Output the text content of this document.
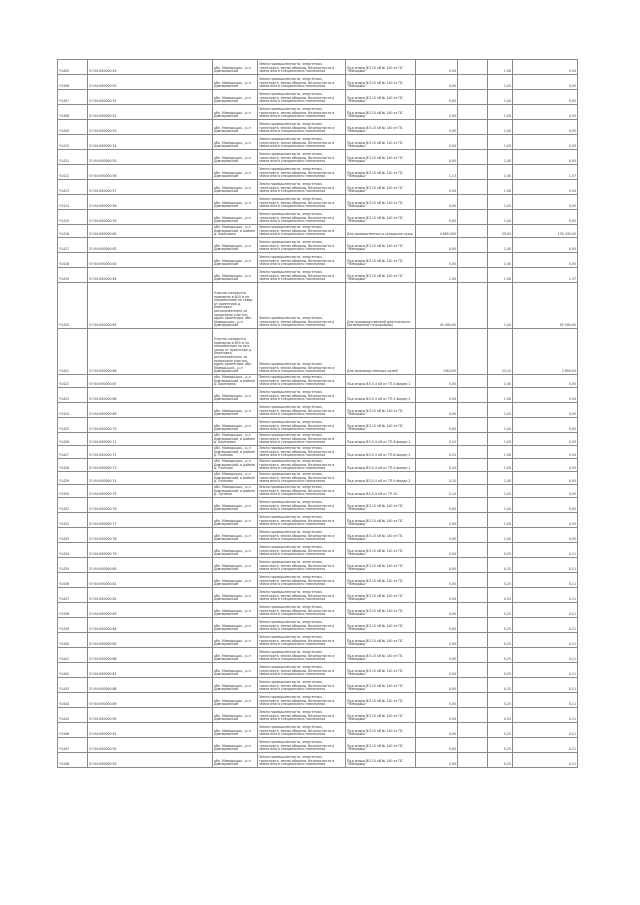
Y1405	57:04:000000:49	обл. Мамадышск., р-н Дивноровский	Земли промышленности, энергетики, транспорта, земли обороны, безопасности и земли иного специального назначения	Под опоры ВЛ-10 кВ № 140 от ПС "Мамадыш"	0,00		1,00	0,05
Y1406	57:04:000000:50	обл. Мамадышск., р-н Дивноровский	Земли промышленности, энергетики, транспорта, земли обороны, безопасности и земли иного специального назначения	Под опоры ВЛ-10 кВ № 140 от ПС "Мамадыш"	0,00		1,00	0,05
Y1407	57:04:000000:51	обл. Мамадышск., р-н Дивноровский	Земли промышленности, энергетики, транспорта, земли обороны, безопасности и земли иного специального назначения	Под опоры ВЛ-10 кВ № 140 от ПС "Мамадыш"	0,00		1,00	0,05
Y1408	57:04:000000:52	обл. Мамадышск., р-н Дивноровский	Земли промышленности, энергетики, транспорта, земли обороны, безопасности и земли иного специального назначения	Под опоры ВЛ-10 кВ № 140 от ПС "Мамадыш"	0,00		1,00	0,05
Y1409	57:04:000000:53	обл. Мамадышск., р-н Дивноровский	Земли промышленности, энергетики, транспорта, земли обороны, безопасности и земли иного специального назначения	Под опоры ВЛ-10 кВ № 140 от ПС "Мамадыш"	0,00		1,00	0,05
Y1410	57:04:000000:54	обл. Мамадышск., р-н Дивноровский	Земли промышленности, энергетики, транспорта, земли обороны, безопасности и земли иного специального назначения	Под опоры ВЛ-10 кВ № 140 от ПС "Мамадыш"	0,00		1,00	0,05
Y1411	57:04:000000:55	обл. Мамадышск., р-н Дивноровский	Земли промышленности, энергетики, транспорта, земли обороны, безопасности и земли иного специального назначения	Под опоры ВЛ-10 кВ № 140 от ПС "Мамадыш"	0,00		1,00	0,05
Y1412	57:04:000000:56	обл. Мамадышск., р-н Дивноровский	Земли промышленности, энергетики, транспорта, земли обороны, безопасности и земли иного специального назначения	Под опоры ВЛ-10 кВ № 140 от ПС "Мамадыш"	1,13		1,00	1,37
Y1413	57:04:000000:57	обл. Мамадышск., р-н Дивноровский	Земли промышленности, энергетики, транспорта, земли обороны, безопасности и земли иного специального назначения	Под опоры ВЛ-10 кВ № 140 от ПС "Мамадыш"	0,00		1,00	0,05
Y1414	57:04:000000:58	обл. Мамадышск., р-н Дивноровский	Земли промышленности, энергетики, транспорта, земли обороны, безопасности и земли иного специального назначения	Под опоры ВЛ-10 кВ № 140 от ПС "Мамадыш"	0,00		1,00	0,05
Y1415	57:04:000000:59	обл. Мамадышск., р-н Дивноровский	Земли промышленности, энергетики, транспорта, земли обороны, безопасности и земли иного специального назначения	Под опоры ВЛ-10 кВ № 140 от ПС "Мамадыш"	0,00		1,00	0,05
Y1416	57:04:000000:60	обл. Мамадышск., р-н Дивноровский, в районе д. Березовка	Земли промышленности, энергетики, транспорта, земли обороны, безопасности и земли иного специального назначения	Для промышленных и складских нужд	4 665,000		29,00	130 435,00
Y1417	57:04:000000:62	обл. Мамадышск., р-н Дивноровский	Земли промышленности, энергетики, транспорта, земли обороны, безопасности и земли иного специального назначения	Под опоры ВЛ-10 кВ № 140 от ПС "Мамадыш"	0,00		1,00	0,05
Y1418	57:04:000000:63	обл. Мамадышск., р-н Дивноровский	Земли промышленности, энергетики, транспорта, земли обороны, безопасности и земли иного специального назначения	Под опоры ВЛ-10 кВ № 140 от ПС "Мамадыш"	0,00		1,00	0,05
Y1419	57:04:000000:64	обл. Мамадышск., р-н Дивноровский	Земли промышленности, энергетики, транспорта, земли обороны, безопасности и земли иного специального назначения	Под опоры ВЛ-10 кВ № 140 от ПС "Мамадыш"	1,00		1,00	1,37
Y1420	57:04:000000:65	Участок находится примерно в 600 м по направлению на север от ориентира д. Березовка, расположенного за пределами участка, адрес ориентира: обл. Мамадышск., р-н Дивноровский	Земли промышленности, энергетики, транспорта, земли обороны, безопасности и земли иного специального назначения	Для производственной деятельности (размещение газопровода)	45 000,00		1,00	92 500,00
Y1421	57:04:000000:66	Участок находится примерно в 850 м по направлению на юго-запад от ориентира д. Березовка, расположенного за пределами участка, адрес ориентира: обл. Мамадышск., р-н Дивноровский	Земли промышленности, энергетики, транспорта, земли обороны, безопасности и земли иного специального назначения	Для производственных целей	158,000		23,10	3 650,00
Y1422	57:04:000000:67	обл. Мамадышск., р-н Дивноровский, в районе д. Березовка	Земли промышленности, энергетики, транспорта, земли обороны, безопасности и земли иного специального назначения	Под опоры ВЛ-0,4 кВ от ТП-5 фидер 1	0,00		1,00	0,05
Y1423	57:04:000000:68	обл. Мамадышск., р-н Дивноровский	Земли промышленности, энергетики, транспорта, земли обороны, безопасности и земли иного специального назначения	Под опоры ВЛ-0,4 кВ от ТП-5 фидер 2	0,00		1,00	0,05
Y1424	57:04:000000:69	обл. Мамадышск., р-н Дивноровский	Земли промышленности, энергетики, транспорта, земли обороны, безопасности и земли иного специального назначения	Под опоры ВЛ-10 кВ № 140 от ПС "Мамадыш"	0,00		1,00	0,05
Y1425	57:04:000000:70	обл. Мамадышск., р-н Дивноровский	Земли промышленности, энергетики, транспорта, земли обороны, безопасности и земли иного специального назначения	Под опоры ВЛ-10 кВ № 140 от ПС "Мамадыш"	0,00		1,00	0,05
Y1426	57:04:000000:71	обл. Мамадышск., р-н Дивноровский, в районе д. Березовка	Земли промышленности, энергетики, транспорта, земли обороны, безопасности и земли иного специального назначения	Под опоры ВЛ-0,4 кВ от ТП-8 фидер 1	0,10		1,00	0,05
Y1427	57:04:000000:72	обл. Мамадышск., р-н Дивноровский, в районе д. Ржаново	Земли промышленности, энергетики, транспорта, земли обороны, безопасности и земли иного специального назначения	Под опоры ВЛ-0,4 кВ от ТП-8 фидер 2	0,10		1,00	0,05
Y1428	57:04:000000:73	обл. Мамадышск., р-н Дивноровский, в районе д. Ржаново	Земли промышленности, энергетики, транспорта, земли обороны, безопасности и земли иного специального назначения	Под опоры ВЛ-0,4 кВ от ТП-9 фидер 1	0,10		1,00	0,05
Y1429	57:04:000000:74	обл. Мамадышск., р-н Дивноровский, в районе д. Ржаново	Земли промышленности, энергетики, транспорта, земли обороны, безопасности и земли иного специального назначения	Под опоры ВЛ-0,4 кВ от ТП-9 фидер 2	0,10		1,00	0,05
Y1430	57:04:000000:75	обл. Мамадышск., р-н Дивноровский, в районе д. Луговое	Земли промышленности, энергетики, транспорта, земли обороны, безопасности и земли иного специального назначения	Под опоры ВЛ-0,4 кВ от ТП-10	0,10		1,00	0,05
Y1431	57:04:000000:76	обл. Мамадышск., р-н Дивноровский	Земли промышленности, энергетики, транспорта, земли обороны, безопасности и земли иного специального назначения	Под опоры ВЛ-10 кВ № 140 от ПС "Мамадыш"	0,00		1,00	0,05
Y1432	57:04:000000:77	обл. Мамадышск., р-н Дивноровский	Земли промышленности, энергетики, транспорта, земли обороны, безопасности и земли иного специального назначения	Под опоры ВЛ-10 кВ № 140 от ПС "Мамадыш"	0,00		1,00	0,05
Y1433	57:04:000000:78	обл. Мамадышск., р-н Дивноровский	Земли промышленности, энергетики, транспорта, земли обороны, безопасности и земли иного специального назначения	Под опоры ВЛ-10 кВ № 140 от ПС "Мамадыш"	0,00		1,00	0,05
Y1434	57:04:000000:79	обл. Мамадышск., р-н Дивноровский	Земли промышленности, энергетики, транспорта, земли обороны, безопасности и земли иного специального назначения	Под опоры ВЛ-10 кВ № 140 от ПС "Мамадыш"	0,00		0,25	0,11
Y1435	57:04:000000:80	обл. Мамадышск., р-н Дивноровский	Земли промышленности, энергетики, транспорта, земли обороны, безопасности и земли иного специального назначения	Под опоры ВЛ-10 кВ № 140 от ПС "Мамадыш"	0,00		0,25	0,11
Y1436	57:04:000000:81	обл. Мамадышск., р-н Дивноровский	Земли промышленности, энергетики, транспорта, земли обороны, безопасности и земли иного специального назначения	Под опоры ВЛ-10 кВ № 140 от ПС "Мамадыш"	0,00		0,25	0,11
Y1437	57:04:000000:82	обл. Мамадышск., р-н Дивноровский	Земли промышленности, энергетики, транспорта, земли обороны, безопасности и земли иного специального назначения	Под опоры ВЛ-10 кВ № 140 от ПС "Мамадыш"	0,00		0,25	0,11
Y1438	57:04:000000:83	обл. Мамадышск., р-н Дивноровский	Земли промышленности, энергетики, транспорта, земли обороны, безопасности и земли иного специального назначения	Под опоры ВЛ-10 кВ № 140 от ПС "Мамадыш"	0,00		0,25	0,11
Y1439	57:04:000000:84	обл. Мамадышск., р-н Дивноровский	Земли промышленности, энергетики, транспорта, земли обороны, безопасности и земли иного специального назначения	Под опоры ВЛ-10 кВ № 140 от ПС "Мамадыш"	0,00		0,25	0,11
Y1440	57:04:000000:85	обл. Мамадышск., р-н Дивноровский	Земли промышленности, энергетики, транспорта, земли обороны, безопасности и земли иного специального назначения	Под опоры ВЛ-10 кВ № 140 от ПС "Мамадыш"	0,00		0,25	0,11
Y1441	57:04:000000:86	обл. Мамадышск., р-н Дивноровский	Земли промышленности, энергетики, транспорта, земли обороны, безопасности и земли иного специального назначения	Под опоры ВЛ-10 кВ № 140 от ПС "Мамадыш"	0,00		0,25	0,11
Y1442	57:04:000000:87	обл. Мамадышск., р-н Дивноровский	Земли промышленности, энергетики, транспорта, земли обороны, безопасности и земли иного специального назначения	Под опоры ВЛ-10 кВ № 140 от ПС "Мамадыш"	0,00		0,25	0,11
Y1443	57:04:000000:88	обл. Мамадышск., р-н Дивноровский	Земли промышленности, энергетики, транспорта, земли обороны, безопасности и земли иного специального назначения	Под опоры ВЛ-10 кВ № 140 от ПС "Мамадыш"	0,00		0,25	0,11
Y1444	57:04:000000:89	обл. Мамадышск., р-н Дивноровский	Земли промышленности, энергетики, транспорта, земли обороны, безопасности и земли иного специального назначения	Под опоры ВЛ-10 кВ № 140 от ПС "Мамадыш"	0,00		0,25	0,11
Y1445	57:04:000000:90	обл. Мамадышск., р-н Дивноровский	Земли промышленности, энергетики, транспорта, земли обороны, безопасности и земли иного специального назначения	Под опоры ВЛ-10 кВ № 140 от ПС "Мамадыш"	0,00		0,25	0,11
Y1446	57:04:000000:91	обл. Мамадышск., р-н Дивноровский	Земли промышленности, энергетики, транспорта, земли обороны, безопасности и земли иного специального назначения	Под опоры ВЛ-10 кВ № 140 от ПС "Мамадыш"	0,00		0,25	0,11
Y1447	57:04:000000:92	обл. Мамадышск., р-н Дивноровский	Земли промышленности, энергетики, транспорта, земли обороны, безопасности и земли иного специального назначения	Под опоры ВЛ-10 кВ № 140 от ПС "Мамадыш"	0,00		0,25	0,11
Y1448	57:04:000000:93	обл. Мамадышск., р-н Дивноровский	Земли промышленности, энергетики, транспорта, земли обороны, безопасности и земли иного специального назначения	Под опоры ВЛ-10 кВ № 140 от ПС "Мамадыш"	0,00		0,25	0,11
